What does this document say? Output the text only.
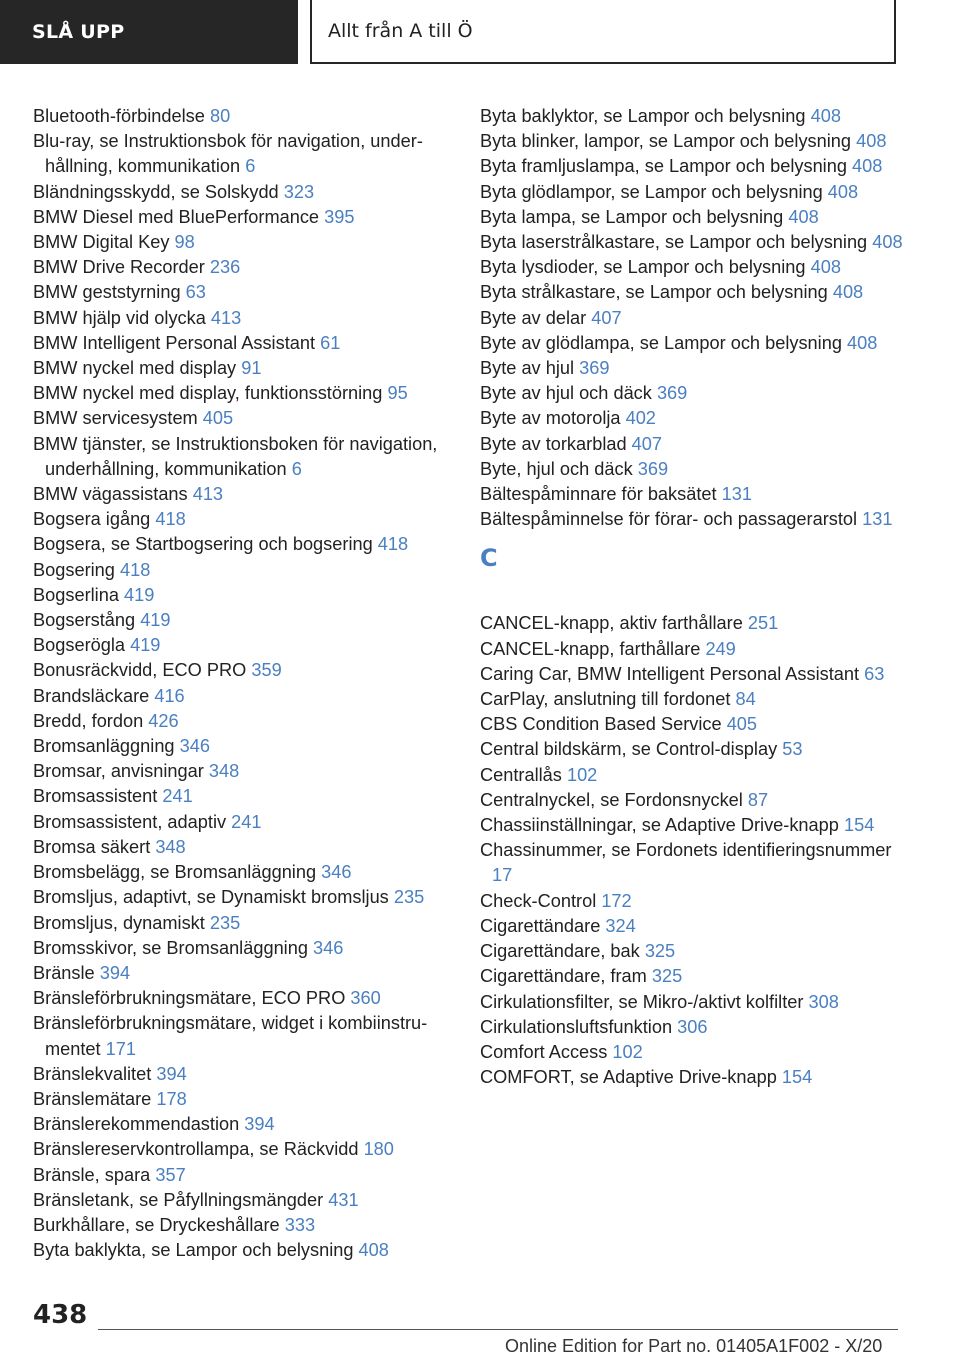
SLÅ UPP	Allt från A till Ö
Bluetooth-förbindelse 80
Blu-ray, se Instruktionsbok för navigation, underhållning, kommunikation 6
Bländningsskydd, se Solskydd 323
BMW Diesel med BluePerformance 395
BMW Digital Key 98
BMW Drive Recorder 236
BMW geststyrning 63
BMW hjälp vid olycka 413
BMW Intelligent Personal Assistant 61
BMW nyckel med display 91
BMW nyckel med display, funktionsstörning 95
BMW servicesystem 405
BMW tjänster, se Instruktionsboken för navigation, underhållning, kommunikation 6
BMW vägassistans 413
Bogsera igång 418
Bogsera, se Startbogsering och bogsering 418
Bogsering 418
Bogserlina 419
Bogserstång 419
Bogserögla 419
Bonusräckvidd, ECO PRO 359
Brandsläckare 416
Bredd, fordon 426
Bromsanläggning 346
Bromsar, anvisningar 348
Bromsassistent 241
Bromsassistent, adaptiv 241
Bromsa säkert 348
Bromsbelägg, se Bromsanläggning 346
Bromsljus, adaptivt, se Dynamiskt bromsljus 235
Bromsljus, dynamiskt 235
Bromsskivor, se Bromsanläggning 346
Bränsle 394
Bränsleförbrukningsmätare, ECO PRO 360
Bränsleförbrukningsmätare, widget i kombiinstrumentet 171
Bränslekvalitet 394
Bränslemätare 178
Bränslerekommendastion 394
Bränslereservkontrollampa, se Räckvidd 180
Bränsle, spara 357
Bränsletank, se Påfyllningsmängder 431
Burkhållare, se Dryckeshållare 333
Byta baklykta, se Lampor och belysning 408
Byta baklyktor, se Lampor och belysning 408
Byta blinker, lampor, se Lampor och belysning 408
Byta framljuslampa, se Lampor och belysning 408
Byta glödlampor, se Lampor och belysning 408
Byta lampa, se Lampor och belysning 408
Byta laserstrålkastare, se Lampor och belysning 408
Byta lysdioder, se Lampor och belysning 408
Byta strålkastare, se Lampor och belysning 408
Byte av delar 407
Byte av glödlampa, se Lampor och belysning 408
Byte av hjul 369
Byte av hjul och däck 369
Byte av motorolja 402
Byte av torkarblad 407
Byte, hjul och däck 369
Bältespåminnare för baksätet 131
Bältespåminnelse för förar- och passagerarstol 131
C
CANCEL-knapp, aktiv farthållare 251
CANCEL-knapp, farthållare 249
Caring Car, BMW Intelligent Personal Assistant 63
CarPlay, anslutning till fordonet 84
CBS Condition Based Service 405
Central bildskärm, se Control-display 53
Centrallås 102
Centralnyckel, se Fordonsnyckel 87
Chassiinställningar, se Adaptive Drive-knapp 154
Chassinummer, se Fordonets identifieringsnummer 17
Check-Control 172
Cigarettändare 324
Cigarettändare, bak 325
Cigarettändare, fram 325
Cirkulationsfilter, se Mikro-/aktivt kolfilter 308
Cirkulationsluftsfunktion 306
Comfort Access 102
COMFORT, se Adaptive Drive-knapp 154
438
Online Edition for Part no. 01405A1F002 - X/20
